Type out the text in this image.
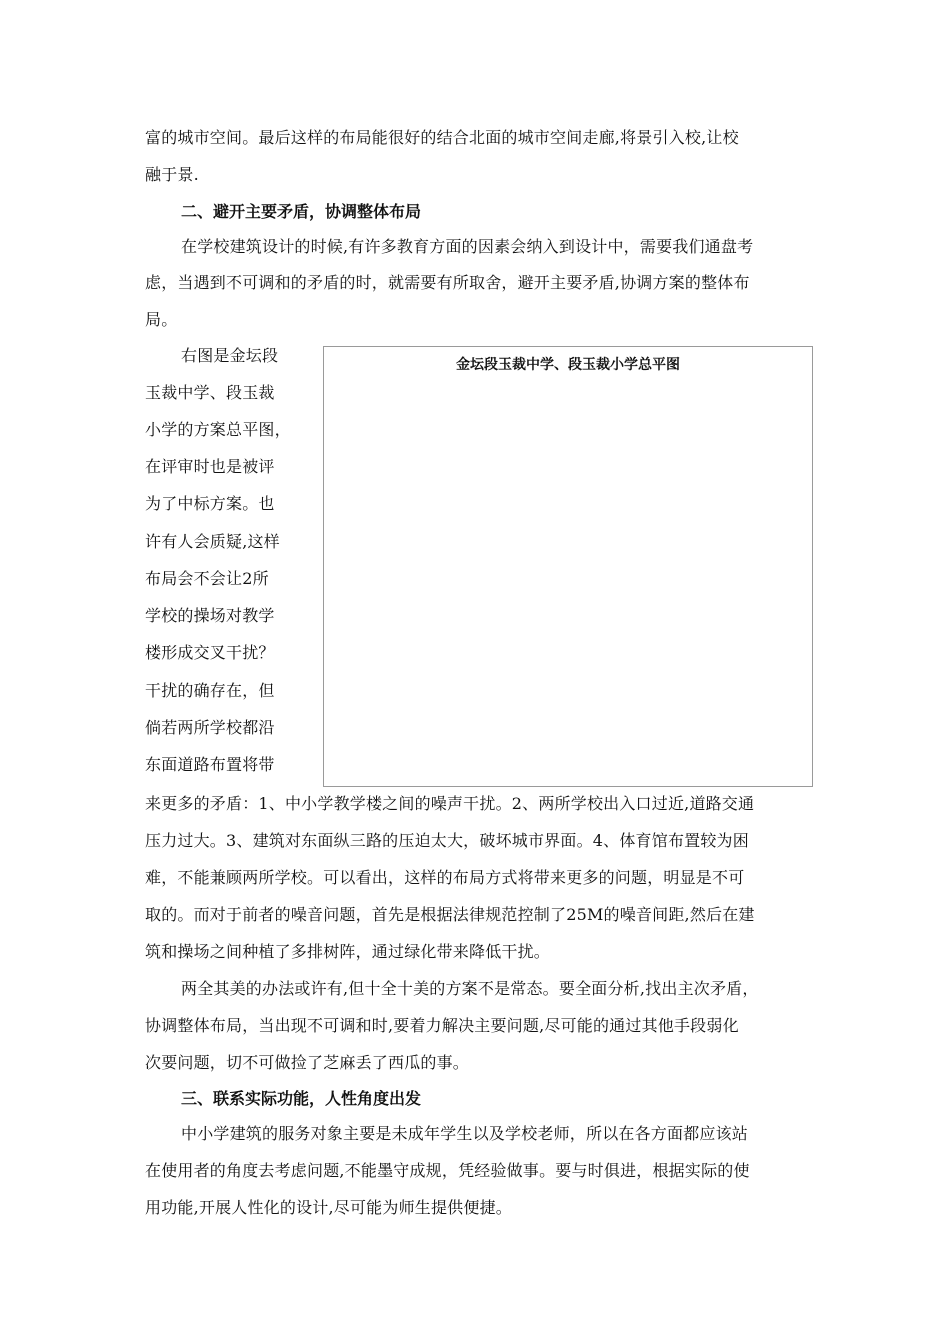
富的城市空间。最后这样的布局能很好的结合北面的城市空间走廊,将景引入校,让校
融于景.
二、避开主要矛盾，协调整体布局
在学校建筑设计的时候,有许多教育方面的因素会纳入到设计中，需要我们通盘考
虑，当遇到不可调和的矛盾的时，就需要有所取舍，避开主要矛盾,协调方案的整体布
局。
右图是金坛段
玉裁中学、段玉裁
小学的方案总平图，
在评审时也是被评
为了中标方案。也
许有人会质疑,这样
布局会不会让2所
学校的操场对教学
楼形成交叉干扰？
干扰的确存在，但
倘若两所学校都沿
东面道路布置将带
金坛段玉裁中学、段玉裁小学总平图
来更多的矛盾：1、中小学教学楼之间的噪声干扰。2、两所学校出入口过近,道路交通
压力过大。3、建筑对东面纵三路的压迫太大，破坏城市界面。4、体育馆布置较为困
难，不能兼顾两所学校。可以看出，这样的布局方式将带来更多的问题，明显是不可
取的。而对于前者的噪音问题，首先是根据法律规范控制了25M的噪音间距,然后在建
筑和操场之间种植了多排树阵，通过绿化带来降低干扰。
两全其美的办法或许有,但十全十美的方案不是常态。要全面分析,找出主次矛盾，
协调整体布局，当出现不可调和时,要着力解决主要问题,尽可能的通过其他手段弱化
次要问题，切不可做捡了芝麻丢了西瓜的事。
三、联系实际功能，人性角度出发
中小学建筑的服务对象主要是未成年学生以及学校老师，所以在各方面都应该站
在使用者的角度去考虑问题,不能墨守成规，凭经验做事。要与时俱进，根据实际的使
用功能,开展人性化的设计,尽可能为师生提供便捷。
